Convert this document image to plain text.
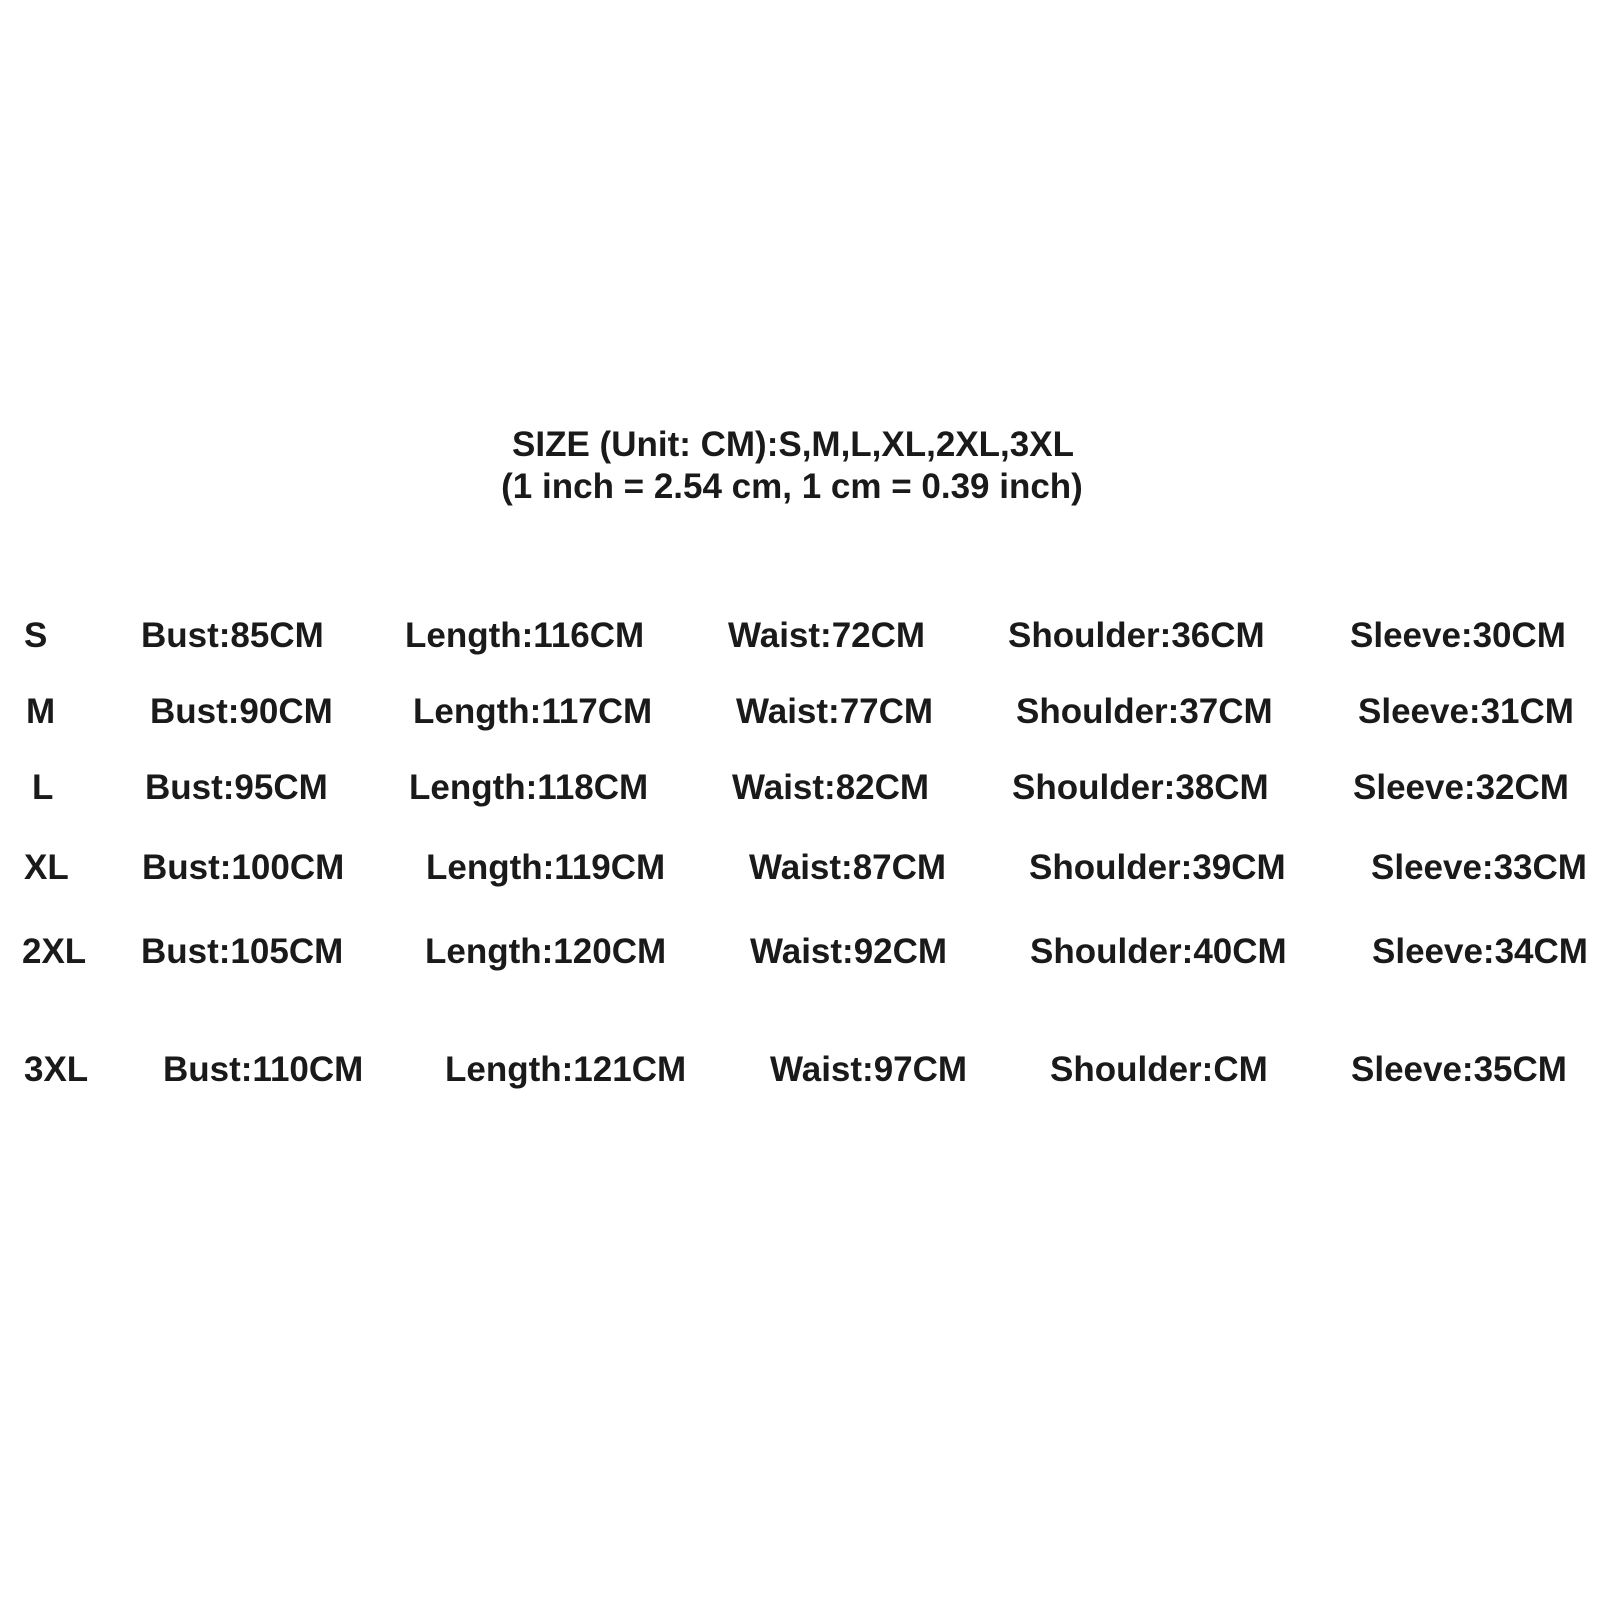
SIZE (Unit: CM):S,M,L,XL,2XL,3XL
(1 inch = 2.54 cm, 1 cm = 0.39 inch)
S	Bust:85CM Length:116CM Waist:72CM Shoulder:36CM Sleeve:30CM
M	Bust:90CM Length:117CM Waist:77CM Shoulder:37CM Sleeve:31CM
L	Bust:95CM Length:118CM Waist:82CM Shoulder:38CM Sleeve:32CM
XL Bust:100CM Length:119CM Waist:87CM Shoulder:39CM Sleeve:33CM
2XL Bust:105CM Length:120CM Waist:92CM Shoulder:40CM Sleeve:34CM
3XL Bust:110CM Length:121CM Waist:97CM Shoulder:CM Sleeve:35CM
